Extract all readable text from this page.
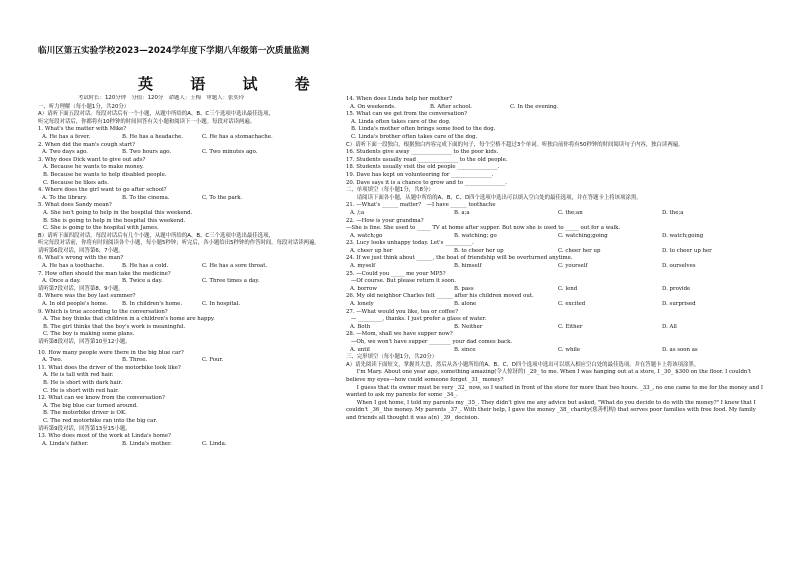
临川区第五实验学校2023—2024学年度下学期八年级第一次质量监测
英 语 试 卷
考试时长：120分钟　分值：120分　命题人：王梅　审题人：张奕玲
一、听力理解（每小题1分，共20分）
A）请听下面五段对话。每段对话后有一个小题，从题中所给的A、B、C三个选项中选出最佳选项，
听完每段对话后，你都将有10秒钟的时间回答有关小题和阅读下一小题。每段对话读两遍。
1. What's the matter with Mike?
A. He has a fever.	B. He has a headache.	C. He has a stomachache.
2. When did the man's cough start?
A. Two days ago.	B. Two hours ago.	C. Two minutes ago.
3. Why does Dick want to give out ads?
A. Because he wants to make money.
B. Because he wants to help disabled people.
C. Because he likes ads.
4. Where does the girl want to go after school?
A. To the library.	B. To the cinema.	C. To the park.
5. What does Sandy mean?
A. She isn't going to help in the hospital this weekend.
B. She is going to help in the hospital this weekend.
C. She is going to the hospital with James.
B）请听下面四段对话。每段对话后有几个小题，从题中所给的A、B、C三个选项中选出最佳选项，
听完每段对话前，你将有时间阅读各个小题，每小题5秒钟；听完后，各小题给出5秒钟的作答时间。每段对话读两遍。
请听第6段对话，回答第6、7小题。
6. What's wrong with the man?
A. He has a toothache.	B. He has a cold.	C. He has a sore throat.
7. How often should the man take the medicine?
A. Once a day.	B. Twice a day.	C. Three times a day.
请听第7段对话，回答第8、9小题。
8. Where was the boy last summer?
A. In old people's home.	B. In children's home.	C. In hospital.
9. Which is true according to the conversation?
A. The boy thinks that children in a children's home are happy.
B. The girl thinks that the boy's work is meaningful.
C. The boy is making some plans.
请听第8段对话，回答第10至12小题。
10. How many people were there in the big blue car?
A. Two.	B. Three.	C. Four.
11. What does the driver of the motorbike look like?
A. He is tall with red hair.
B. He is short with dark hair.
C. He is short with red hair.
12. What can we know from the conversation?
A. The big blue car turned around.
B. The motorbike driver is OK.
C. The red motorbike ran into the big car.
请听第9段对话，回答第13至15小题。
13. Who does most of the work at Linda's home?
A. Linda's father.	B. Linda's mother.	C. Linda.
14. When does Linda help her mother?
A. On weekends.	B. After school.	C. In the evening.
15. What can we get from the conversation?
A. Linda often takes care of the dog.
B. Linda's mother often brings some food to the dog.
C. Linda's brother often takes care of the dog.
C）请听下面一段独白，根据独白内容完成下面的句子，每个空格不超过3个单词。听独白前你将有50秒钟的时间阅读句子内容，独白读两遍。
16. Students give away _______________ to the poor kids.
17. Students usually read _______________ to the old people.
18. Students usually visit the old people _______________.
19. Dave has kept on volunteering for _______________.
20. Dave says it is a chance to grow and to _______________.
二、单项填空（每小题1分，共8分）
　　请阅读下面各小题，从题中所给的A、B、C、D四个选项中选出可以填入空白处的最佳选项，并在答题卡上将该项涂黑。
21. —What's ______ matter?　—I have ______ toothache
A. /;a	B. a;a	C. the;an	D. the;a
22. —How is your grandma?
—She is fine. She used to _____ TV at home after supper. But now she is used to _____ out for a walk.
A. watch;go	B. watching; go	C. watching;going	D. watch;going
23. Lucy looks unhappy today. Let's __________.
A. cheer up her	B. to cheer her up	C. cheer her up	D. to cheer up her
24. If we just think about ______, the boat of friendship will be overturned anytime.
A. myself	B. himself	C. yourself	D. ourselves
25. —Could you _____ me your MP5?
—Of course. But please return it soon.
A. borrow	B. pass	C. lend	D. provide
26. My old neighbor Charles felt ______ after his children moved out.
A. lonely	B. alone	C. excited	D. surprised
27. —What would you like, tea or coffee?
— _________, thanks. I just prefer a glass of water.
A. Both	B. Neither	C. Either	D. All
28. —Mom, shall we have supper now?
—Oh, we won't have supper ________ your dad comes back.
A. until	B. since	C. while	D. as soon as
三、完形填空（每小题1分，共20分）
A）请先阅读下面短文，掌握其大意，然后从各小题所给的A、B、C、D四个选项中选出可以填入相应空白处的最佳选项，并在答题卡上将该项涂黑。
　　I'm Mary. About one year ago, something amazing(令人惊讶的) _29_ to me. When I was hanging out at a store, I _30_ $300 on the floor. I couldn't believe my eyes—how could someone forget _31_ money?
　　I guess that its owner must be very _32_ now, so I waited in front of the store for more than two hours. _33_, no one came to me for the money and I wanted to ask my parents for some _34_.
　　When I got home, I told my parents my _35_. They didn't give me any advice but asked, "What do you decide to do with the money?" I knew that I couldn't _36_ the money. My parents _37_. With their help, I gave the money _38_ charity(慈善机构) that serves poor families with free food. My family and friends all thought it was a(n) _39_ decision.
